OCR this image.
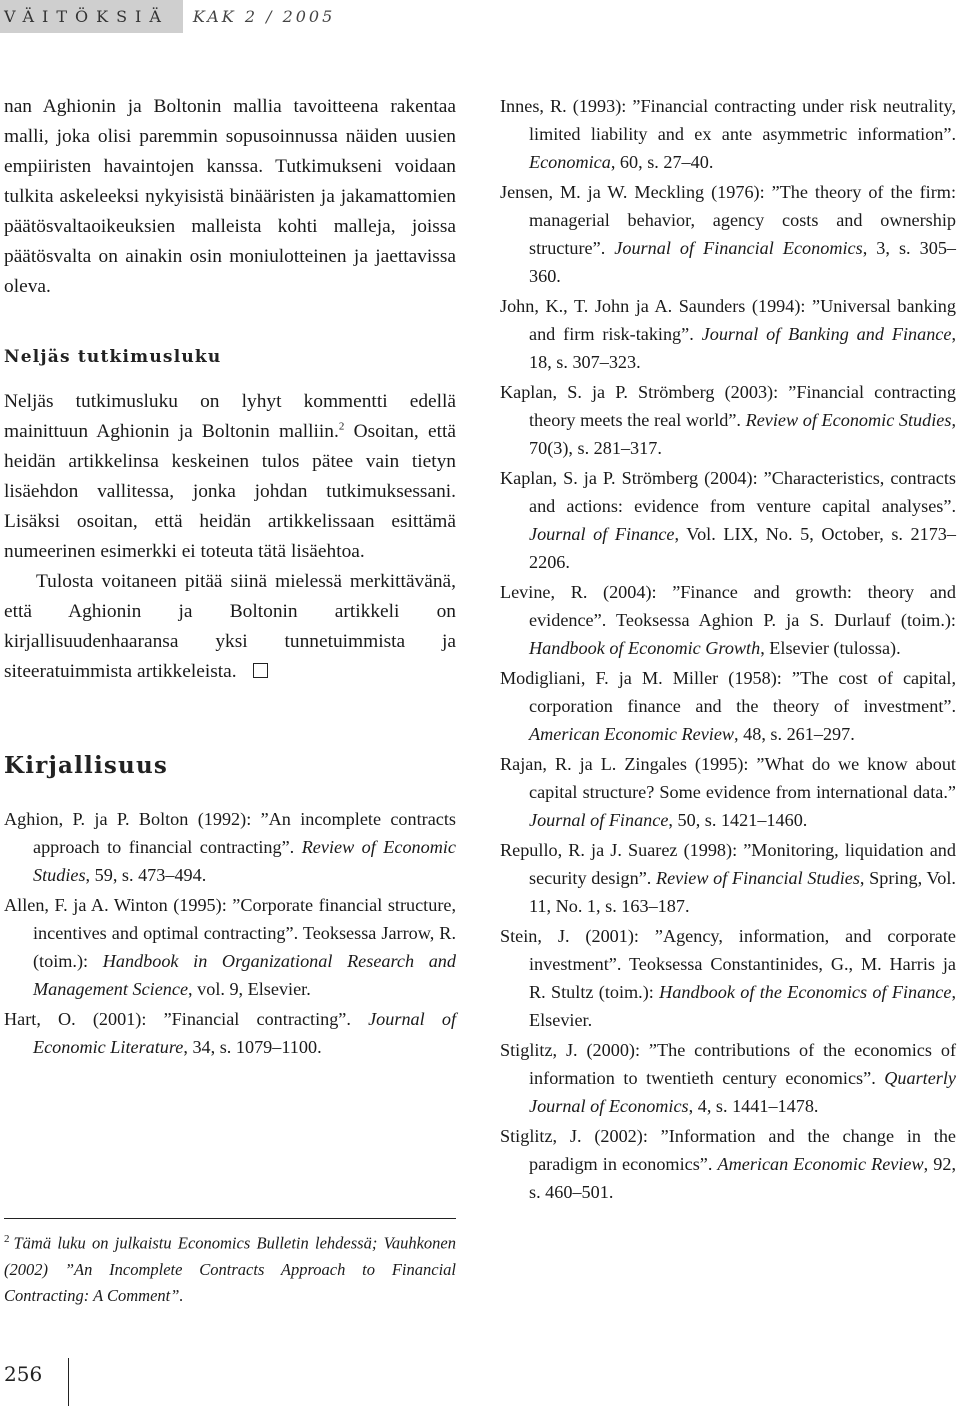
VÄITÖKSIÄ	KAK 2 / 2005

nan Aghionin ja Boltonin mallia tavoitteena rakentaa malli, joka olisi paremmin sopusoinnussa näiden uusien empiiristen havaintojen kanssa. Tutkimukseni voidaan tulkita askeleeksi nykyisistä binääristen ja jakamattomien päätösvaltaoikeuksien malleista kohti malleja, joissa päätösvalta on ainakin osin moniulotteinen ja jaettavissa oleva.

Neljäs tutkimusluku

Neljäs tutkimusluku on lyhyt kommentti edellä mainittuun Aghionin ja Boltonin malliin.$^2$ Osoitan, että heidän artikkelinsa keskeinen tulos pätee vain tietyn lisäehdon vallitessa, jonka johdan tutkimuksessani. Lisäksi osoitan, että heidän artikkelissaan esittämä numeerinen esimerkki ei toteuta tätä lisäehtoa.

Tulosta voitaneen pitää siinä mielessä merkittävänä, että Aghionin ja Boltonin artikkeli on kirjallisuudenhaaransa yksi tunnetuimmista ja siteeratuimmista artikkeleista.

Kirjallisuus
Aghion, P. ja P. Bolton (1992): ”An incomplete contracts approach to financial contracting”. Review of Economic Studies, 59, s. 473–494.
Allen, F. ja A. Winton (1995): ”Corporate financial structure, incentives and optimal contracting”. Teoksessa Jarrow, R. (toim.): Handbook in Organizational Research and Management Science, vol. 9, Elsevier.
Hart, O. (2001): ”Financial contracting”. Journal of Economic Literature, 34, s. 1079–1100.
$^2$ Tämä luku on julkaistu Economics Bulletin lehdessä; Vauhkonen (2002) ”An Incomplete Contracts Approach to Financial Contracting: A Comment”.
Innes, R. (1993): ”Financial contracting under risk neutrality, limited liability and ex ante asymmetric information”. Economica, 60, s. 27–40.
Jensen, M. ja W. Meckling (1976): ”The theory of the firm: managerial behavior, agency costs and ownership structure”. Journal of Financial Economics, 3, s. 305–360.
John, K., T. John ja A. Saunders (1994): ”Universal banking and firm risk-taking”. Journal of Banking and Finance, 18, s. 307–323.
Kaplan, S. ja P. Strömberg (2003): ”Financial contracting theory meets the real world”. Review of Economic Studies, 70(3), s. 281–317.
Kaplan, S. ja P. Strömberg (2004): ”Characteristics, contracts and actions: evidence from venture capital analyses”. Journal of Finance, Vol. LIX, No. 5, October, s. 2173–2206.
Levine, R. (2004): ”Finance and growth: theory and evidence”. Teoksessa Aghion P. ja S. Durlauf (toim.): Handbook of Economic Growth, Elsevier (tulossa).
Modigliani, F. ja M. Miller (1958): ”The cost of capital, corporation finance and the theory of investment”. American Economic Review, 48, s. 261–297.
Rajan, R. ja L. Zingales (1995): ”What do we know about capital structure? Some evidence from international data.” Journal of Finance, 50, s. 1421–1460.
Repullo, R. ja J. Suarez (1998): ”Monitoring, liquidation and security design”. Review of Financial Studies, Spring, Vol. 11, No. 1, s. 163–187.
Stein, J. (2001): ”Agency, information, and corporate investment”. Teoksessa Constantinides, G., M. Harris ja R. Stultz (toim.): Handbook of the Economics of Finance, Elsevier.
Stiglitz, J. (2000): ”The contributions of the economics of information to twentieth century economics”. Quarterly Journal of Economics, 4, s. 1441–1478.
Stiglitz, J. (2002): ”Information and the change in the paradigm in economics”. American Economic Review, 92, s. 460–501.
256
